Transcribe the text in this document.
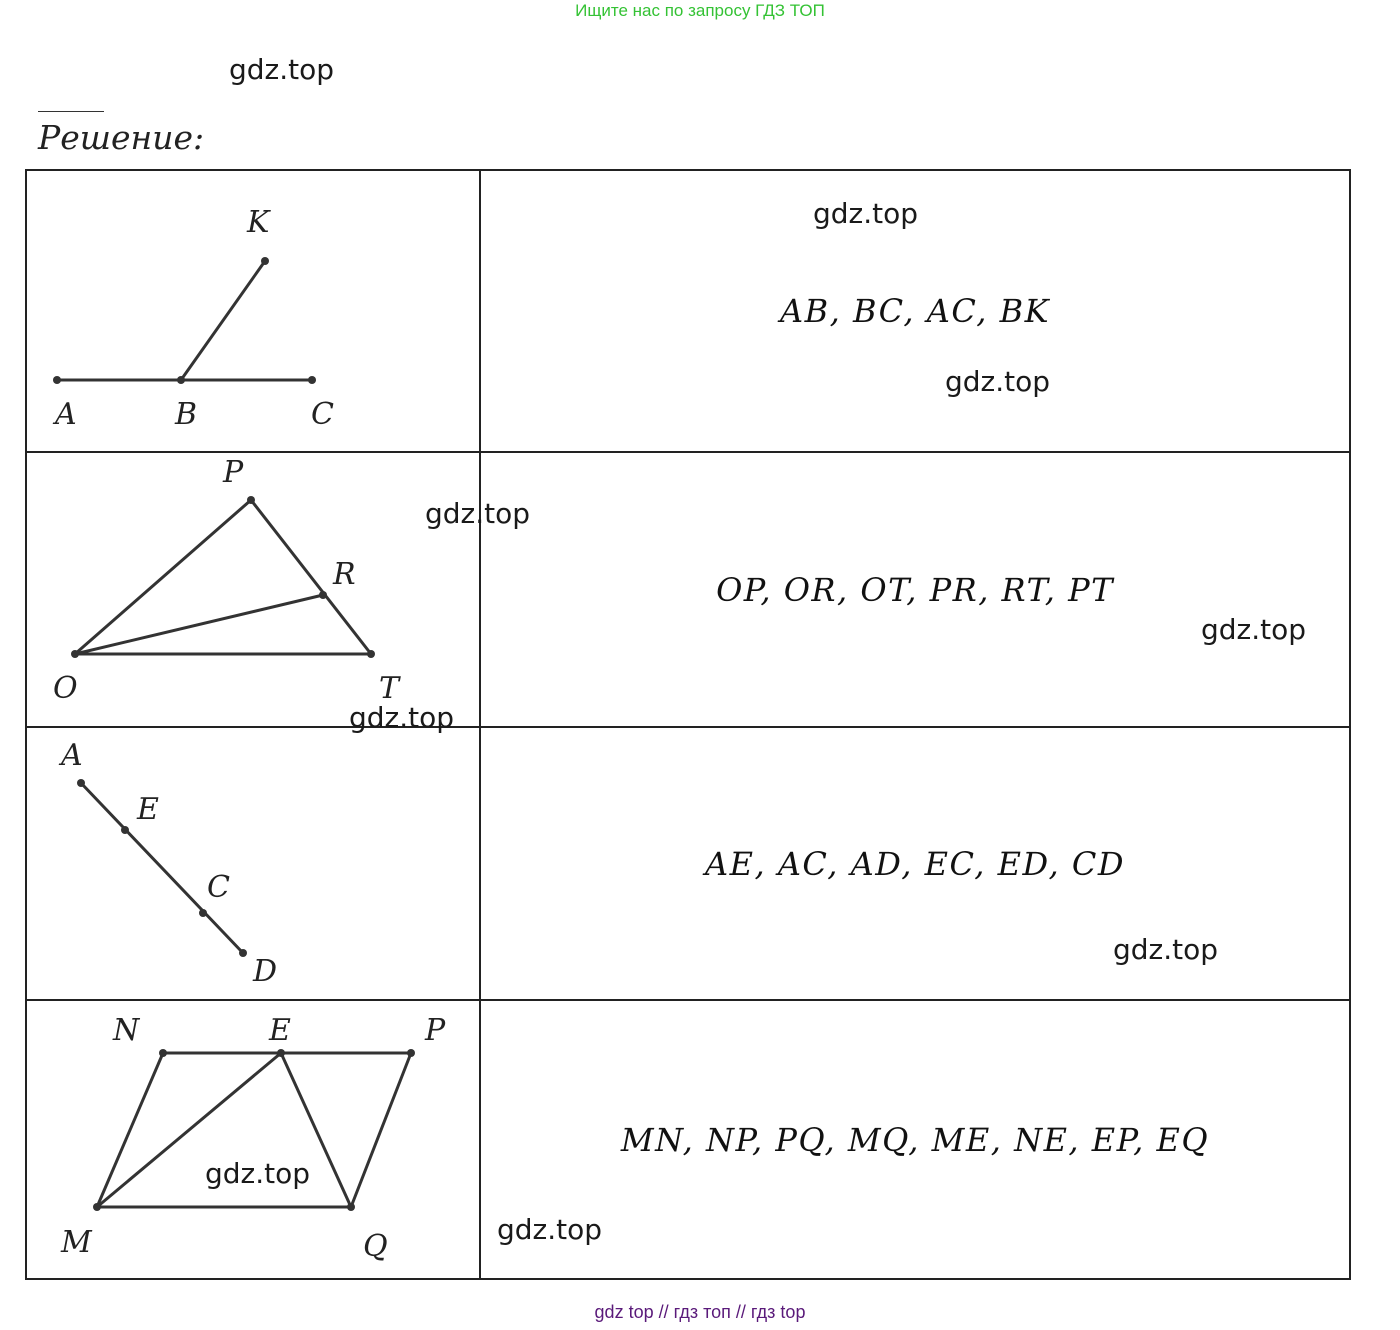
Ищите нас по запросу ГДЗ ТОП
gdz.top
Решение:
K
A B C	AB, BC, AC, BK

P
R
O T	OP, OR, OT, PR, RT, PT

A
E
C
D	AE, AC, AD, EC, ED, CD

N E P
M Q	MN, NP, PQ, MQ, ME, NE, EP, EQ
gdz.top
gdz.top
gdz.top
gdz.top
gdz.top
gdz.top
gdz.top
gdz.top
gdz top // гдз топ // гдз top
